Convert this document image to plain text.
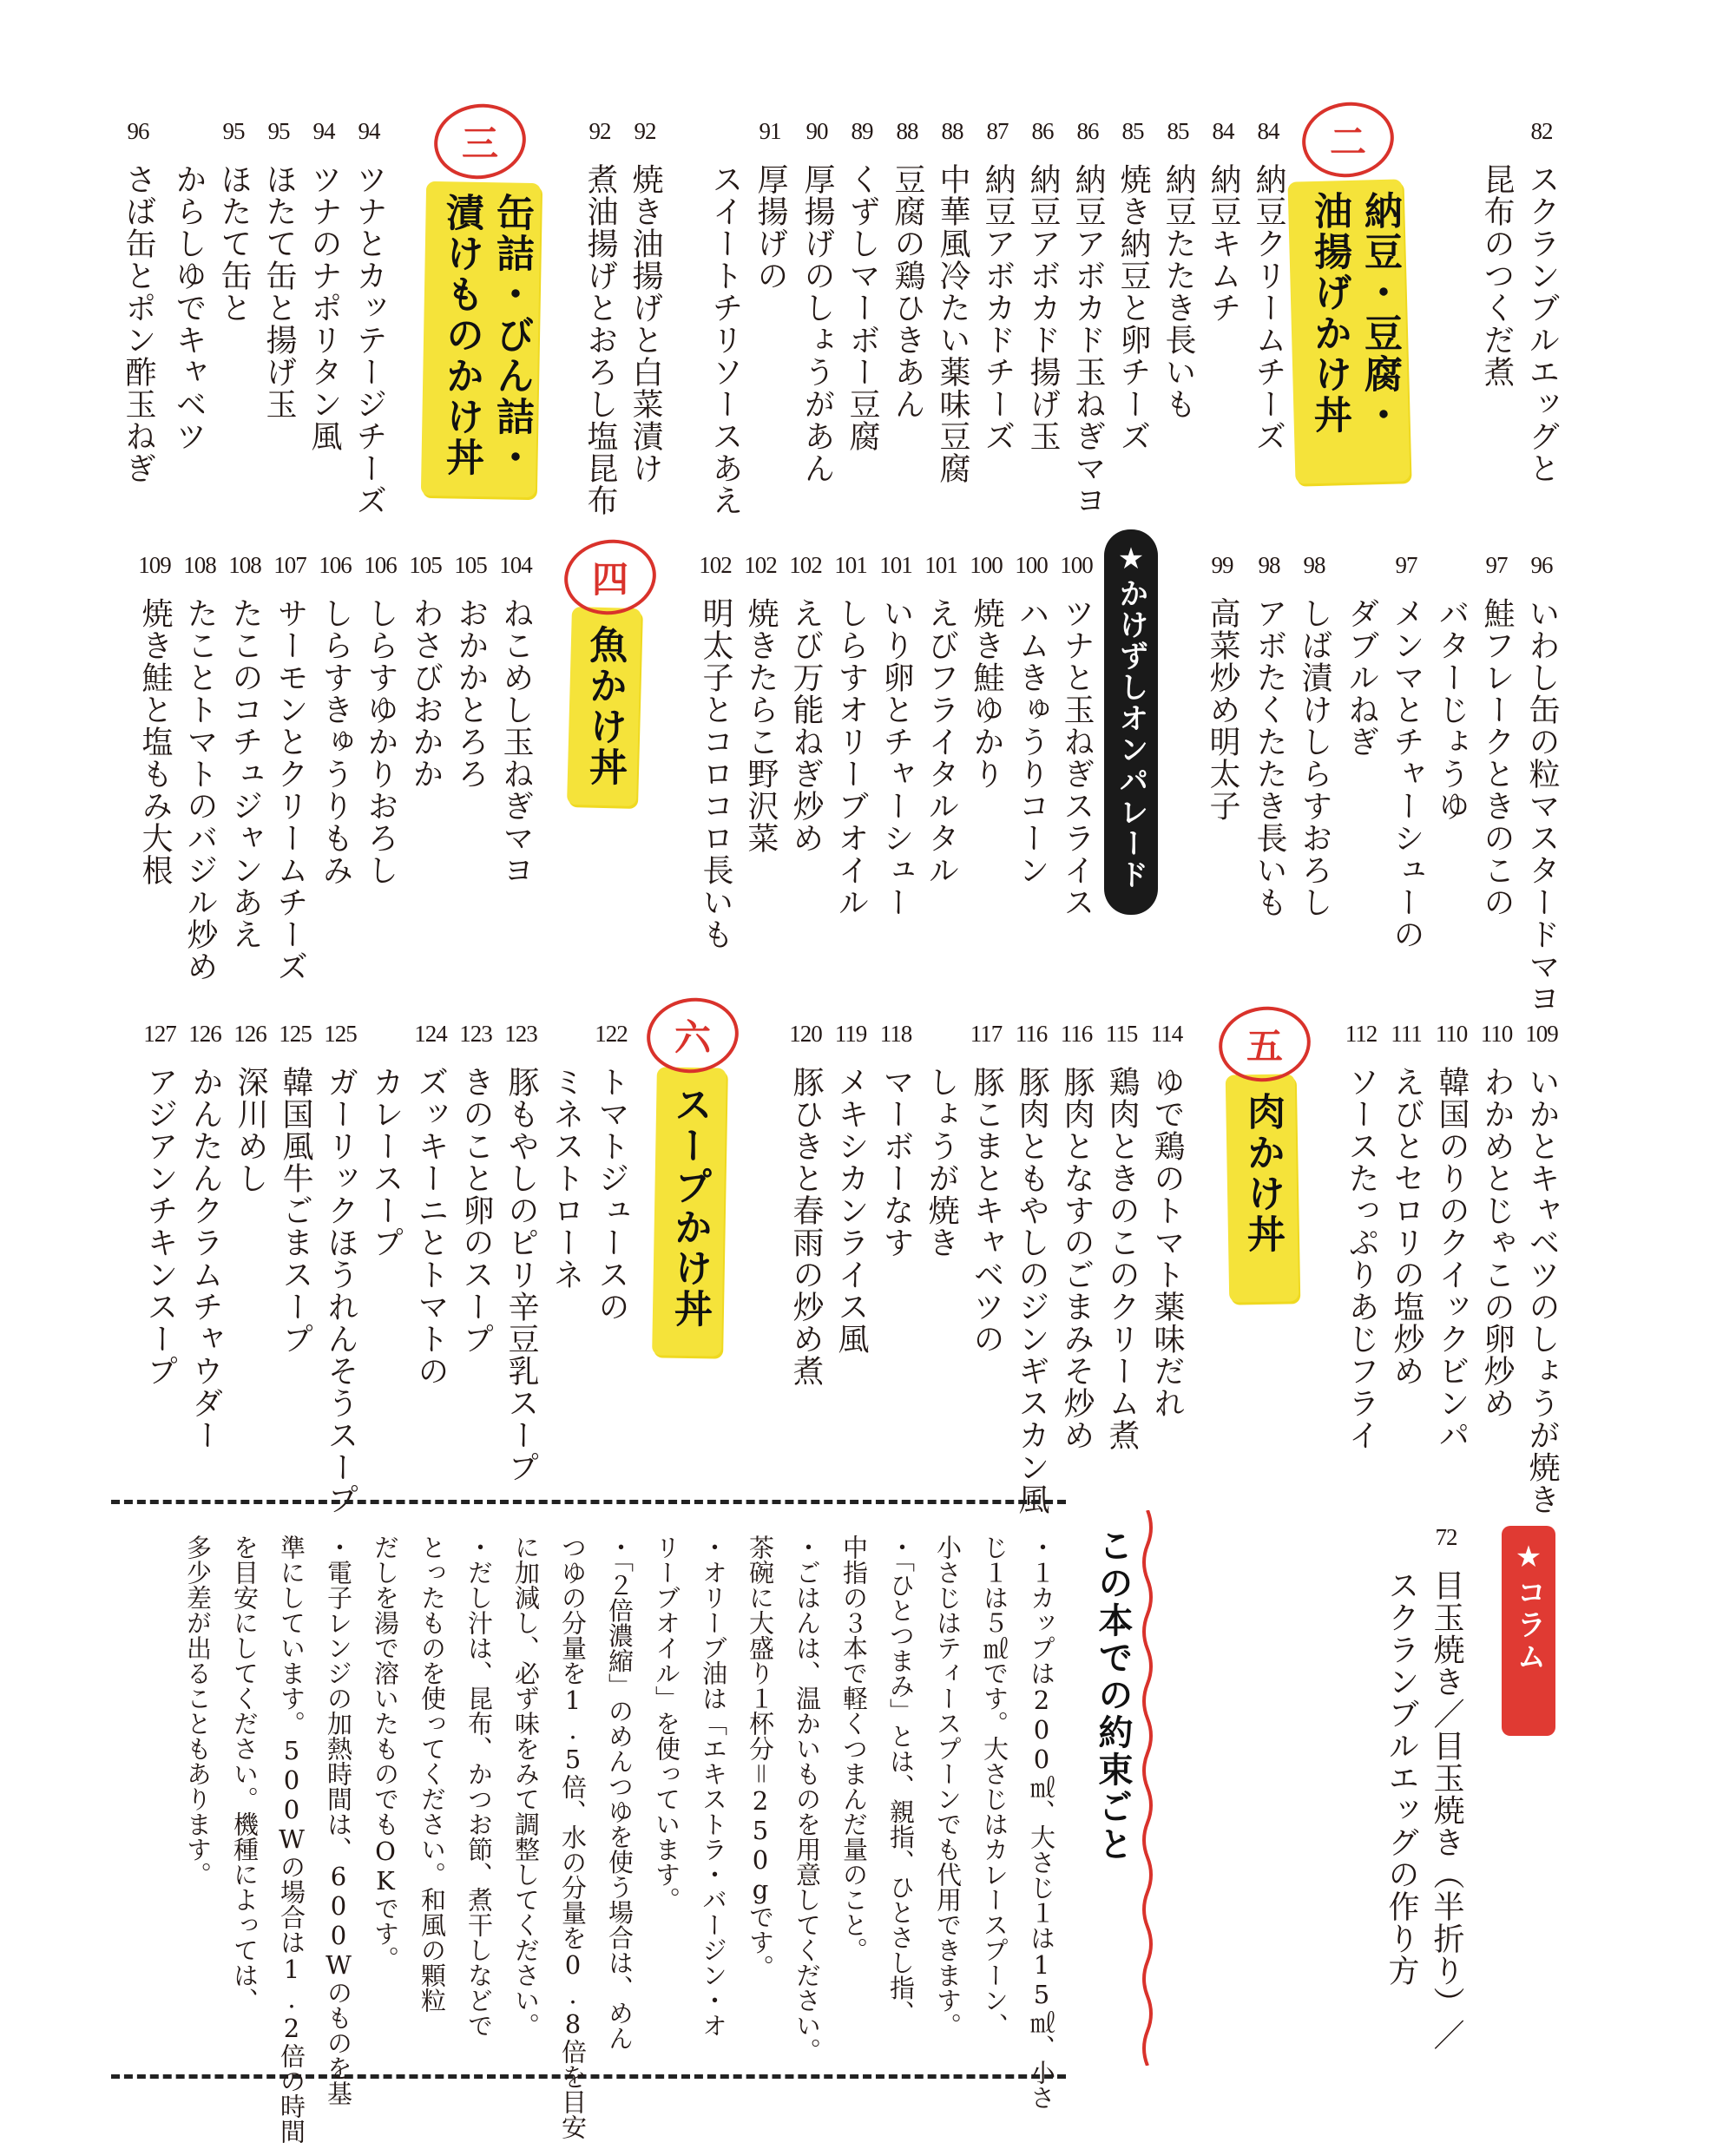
82
スクランブルエッグと
昆布のつくだ煮
84
納豆クリームチーズ
84
納豆キムチ
85
納豆たたき長いも
85
焼き納豆と卵チーズ
86
納豆アボカド玉ねぎマヨ
86
納豆アボカド揚げ玉
87
納豆アボカドチーズ
88
中華風冷たい薬味豆腐
88
豆腐の鶏ひきあん
89
くずしマーボー豆腐
90
厚揚げのしょうがあん
91
厚揚げの
スイートチリソースあえ
92
焼き油揚げと白菜漬け
92
煮油揚げとおろし塩昆布
94
ツナとカッテージチーズ
94
ツナのナポリタン風
95
ほたて缶と揚げ玉
95
ほたて缶と
からしゆでキャベツ
96
さば缶とポン酢玉ねぎ
二
納豆・豆腐・
油揚げかけ丼
三
缶詰・びん詰・
漬けものかけ丼
96
いわし缶の粒マスタードマヨ
97
鮭フレークときのこの
バターじょうゆ
97
メンマとチャーシューの
ダブルねぎ
98
しば漬けしらすおろし
98
アボたくたたき長いも
99
高菜炒め明太子
100
ツナと玉ねぎスライス
100
ハムきゅうりコーン
100
焼き鮭ゆかり
101
えびフライタルタル
101
いり卵とチャーシュー
101
しらすオリーブオイル
102
えび万能ねぎ炒め
102
焼きたらこ野沢菜
102
明太子とコロコロ長いも
104
ねこめし玉ねぎマヨ
105
おかかとろろ
105
わさびおかか
106
しらすゆかりおろし
106
しらすきゅうりもみ
107
サーモンとクリームチーズ
108
たこのコチュジャンあえ
108
たことトマトのバジル炒め
109
焼き鮭と塩もみ大根	★かけずしオンパレード
四
魚かけ丼
109
いかとキャベツのしょうが焼き
110
わかめとじゃこの卵炒め
110
韓国のりのクイックビンパ
111
えびとセロリの塩炒め
112
ソースたっぷりあじフライ
114
ゆで鶏のトマト薬味だれ
115
鶏肉ときのこのクリーム煮
116
豚肉となすのごまみそ炒め
116
豚肉ともやしのジンギスカン風
117
豚こまとキャベツの
しょうが焼き
118
マーボーなす
119
メキシカンライス風
120
豚ひきと春雨の炒め煮
122
トマトジュースの
ミネストローネ
123
豚もやしのピリ辛豆乳スープ
123
きのこと卵のスープ
124
ズッキーニとトマトの
カレースープ
125
ガーリックほうれんそうスープ
125
韓国風牛ごまスープ
126
深川めし
126
かんたんクラムチャウダー
127
アジアンチキンスープ
五
肉かけ丼
六
スープかけ丼
72
目玉焼き／目玉焼き（半折り）／
スクランブルエッグの作り方	★コラム
この本での約束ごと
・１カップは200㎖、大さじ１は15㎖、小さ
じ１は５㎖です。大さじはカレースプーン、
小さじはティースプーンでも代用できます。
・「ひとつまみ」とは、親指、ひとさし指、
中指の３本で軽くつまんだ量のこと。
・ごはんは、温かいものを用意してください。
茶碗に大盛り１杯分＝250gです。
・オリーブ油は「エキストラ・バージン・オ
リーブオイル」を使っています。
・「２倍濃縮」のめんつゆを使う場合は、めん
つゆの分量を1.5倍、水の分量を0.8倍を目安
に加減し、必ず味をみて調整してください。
・だし汁は、昆布、かつお節、煮干しなどで
とったものを使ってください。和風の顆粒
だしを湯で溶いたものでもOKです。
・電子レンジの加熱時間は、600Wのものを基
準にしています。500Wの場合は1.2倍の時間
を目安にしてください。機種によっては、
多少差が出ることもあります。
